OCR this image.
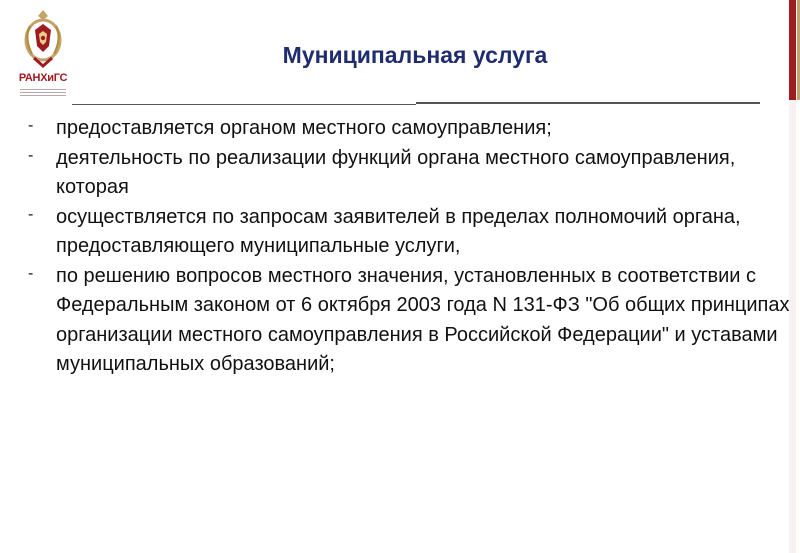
РАНХиГС
Муниципальная услуга
- предоставляется органом местного самоуправления;
- деятельность по реализации функций органа местного самоуправления, которая
- осуществляется по запросам заявителей в пределах полномочий органа, предоставляющего муниципальные услуги,
- по решению вопросов местного значения, установленных в соответствии с Федеральным законом от 6 октября 2003 года N 131-ФЗ "Об общих принципах организации местного самоуправления в Российской Федерации" и уставами муниципальных образований;
